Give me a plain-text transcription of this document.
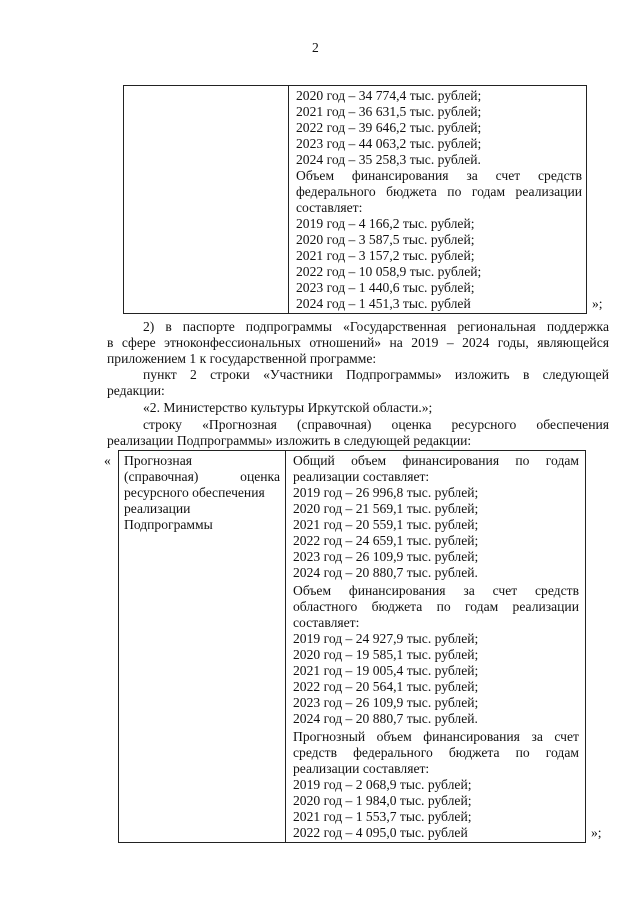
2
2020 год – 34 774,4 тыс. рублей;
2021 год – 36 631,5 тыс. рублей;
2022 год – 39 646,2 тыс. рублей;
2023 год – 44 063,2 тыс. рублей;
2024 год – 35 258,3 тыс. рублей.
Объем финансирования за счет средств
федерального бюджета по годам реализации
составляет:
2019 год – 4 166,2 тыс. рублей;
2020 год – 3 587,5 тыс. рублей;
2021 год – 3 157,2 тыс. рублей;
2022 год – 10 058,9 тыс. рублей;
2023 год – 1 440,6 тыс. рублей;
2024 год – 1 451,3 тыс. рублей	»;
2) в паспорте подпрограммы «Государственная региональная поддержка
в сфере этноконфессиональных отношений» на 2019 – 2024 годы, являющейся
приложением 1 к государственной программе:
пункт 2 строки «Участники Подпрограммы» изложить в следующей
редакции:
«2. Министерство культуры Иркутской области.»;
строку «Прогнозная (справочная) оценка ресурсного обеспечения
реализации Подпрограммы» изложить в следующей редакции:
« Прогнозная
(справочная) оценка
ресурсного обеспечения
реализации
Подпрограммы
Общий объем финансирования по годам
реализации составляет:
2019 год – 26 996,8 тыс. рублей;
2020 год – 21 569,1 тыс. рублей;
2021 год – 20 559,1 тыс. рублей;
2022 год – 24 659,1 тыс. рублей;
2023 год – 26 109,9 тыс. рублей;
2024 год – 20 880,7 тыс. рублей.
Объем финансирования за счет средств
областного бюджета по годам реализации
составляет:
2019 год – 24 927,9 тыс. рублей;
2020 год – 19 585,1 тыс. рублей;
2021 год – 19 005,4 тыс. рублей;
2022 год – 20 564,1 тыс. рублей;
2023 год – 26 109,9 тыс. рублей;
2024 год – 20 880,7 тыс. рублей.
Прогнозный объем финансирования за счет
средств федерального бюджета по годам
реализации составляет:
2019 год – 2 068,9 тыс. рублей;
2020 год – 1 984,0 тыс. рублей;
2021 год – 1 553,7 тыс. рублей;
2022 год – 4 095,0 тыс. рублей	»;
